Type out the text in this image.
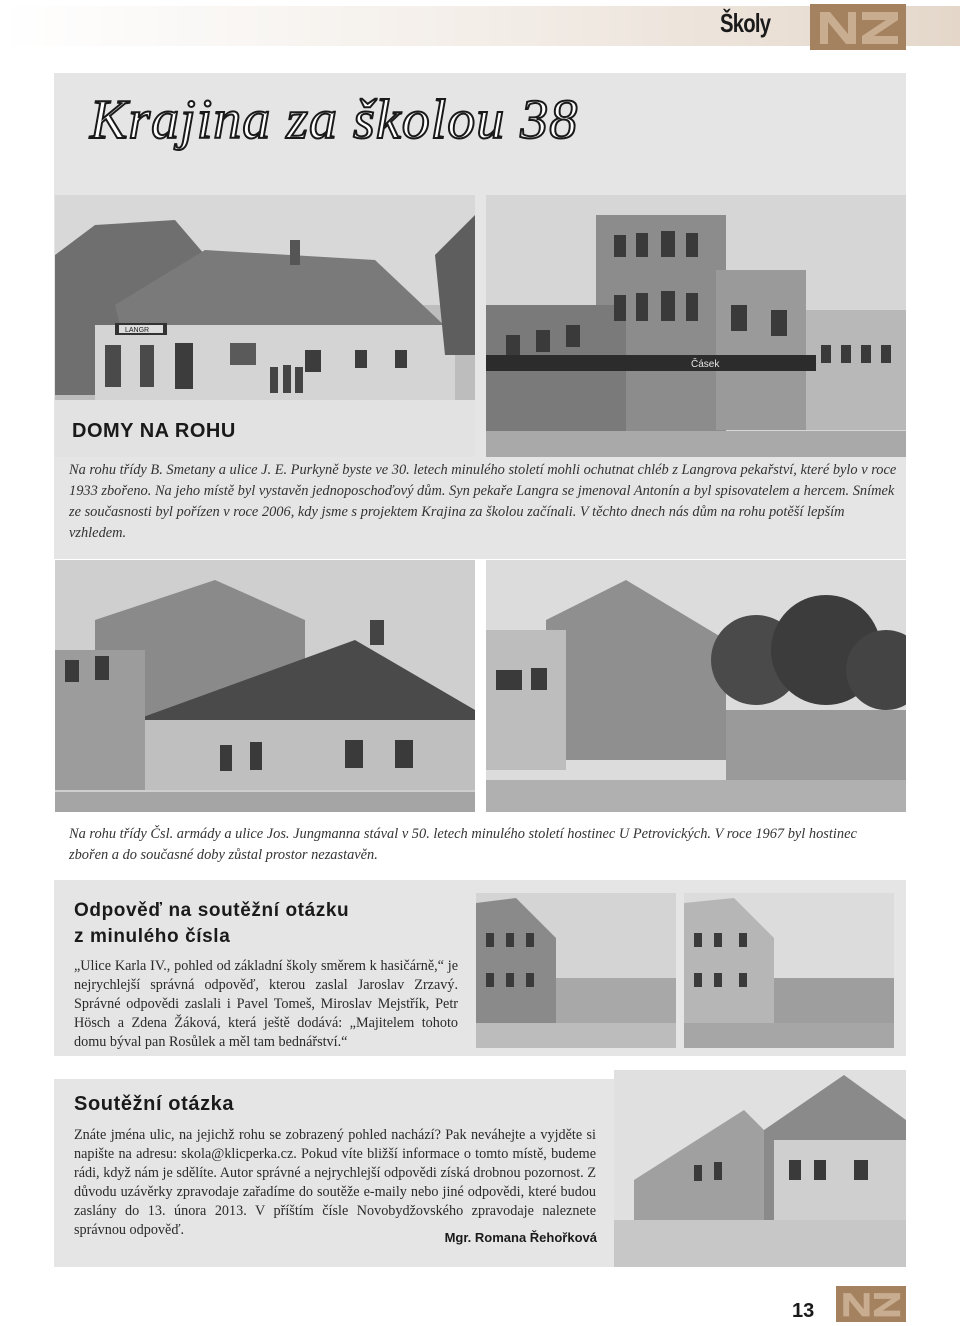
Školy
Krajina za školou 38
LANGR
DOMY NA ROHU
Čásek
Na rohu třídy B. Smetany a ulice J. E. Purkyně byste ve 30. letech minulého století mohli ochutnat chléb z Langrova pekařství, které bylo v roce 1933 zbořeno. Na jeho místě byl vystavěn jednoposchoďový dům. Syn pekaře Langra se jmenoval Antonín a byl spisovatelem a hercem. Snímek ze současnosti byl pořízen v roce 2006, kdy jsme s projektem Krajina za školou začínali. V těchto dnech nás dům na rohu potěší lepším vzhledem.
Na rohu třídy Čsl. armády a ulice Jos. Jungmanna stával v 50. letech minulého století hostinec U Petrovických. V roce 1967 byl hostinec zbořen a do současné doby zůstal prostor nezastavěn.
Odpověď na soutěžní otázku
z minulého čísla
„Ulice Karla IV., pohled od základní školy směrem k hasičárně,“ je nejrychlejší správná odpověď, kterou zaslal Jaroslav Zrzavý. Správné odpovědi zaslali i Pavel Tomeš, Miroslav Mejstřík, Petr Hösch a Zdena Žáková, která ještě dodává: „Majitelem tohoto domu býval pan Rosůlek a měl tam bednářství.“
Soutěžní otázka
Znáte jména ulic, na jejichž rohu se zobrazený pohled nachází? Pak neváhejte a vyjděte si napište na adresu: skola@klicperka.cz. Pokud víte bližší informace o tomto místě, budeme rádi, když nám je sdělíte. Autor správné a nejrychlejší odpovědi získá drobnou pozornost. Z důvodu uzávěrky zpravodaje zařadíme do soutěže e-maily nebo jiné odpovědi, které budou zaslány do 13. února 2013. V příštím čísle Novobydžovského zpravodaje naleznete správnou odpověď.	Mgr. Romana Řehořková
13
